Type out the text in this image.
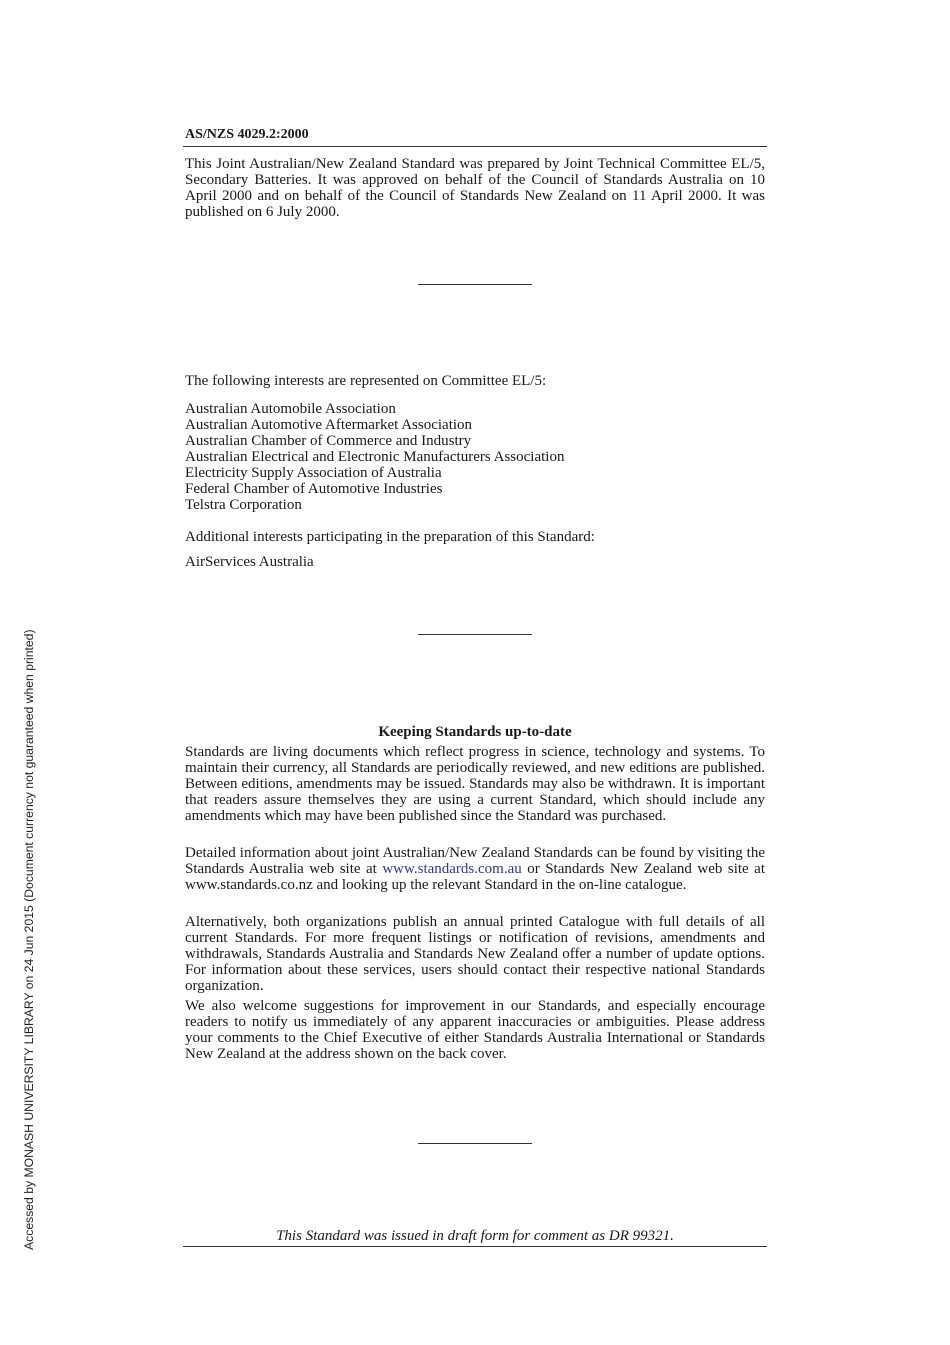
Accessed by MONASH UNIVERSITY LIBRARY on 24 Jun 2015 (Document currency not guaranteed when printed)
AS/NZS 4029.2:2000

This Joint Australian/New Zealand Standard was prepared by Joint Technical Committee EL/5, Secondary Batteries. It was approved on behalf of the Council of Standards Australia on 10 April 2000 and on behalf of the Council of Standards New Zealand on 11 April 2000. It was published on 6 July 2000.

The following interests are represented on Committee EL/5:

Australian Automobile Association
Australian Automotive Aftermarket Association
Australian Chamber of Commerce and Industry
Australian Electrical and Electronic Manufacturers Association
Electricity Supply Association of Australia
Federal Chamber of Automotive Industries
Telstra Corporation

Additional interests participating in the preparation of this Standard:

AirServices Australia

Keeping Standards up-to-date

Standards are living documents which reflect progress in science, technology and systems. To maintain their currency, all Standards are periodically reviewed, and new editions are published. Between editions, amendments may be issued. Standards may also be withdrawn. It is important that readers assure themselves they are using a current Standard, which should include any amendments which may have been published since the Standard was purchased.

Detailed information about joint Australian/New Zealand Standards can be found by visiting the Standards Australia web site at www.standards.com.au or Standards New Zealand web site at www.standards.co.nz and looking up the relevant Standard in the on-line catalogue.

Alternatively, both organizations publish an annual printed Catalogue with full details of all current Standards. For more frequent listings or notification of revisions, amendments and withdrawals, Standards Australia and Standards New Zealand offer a number of update options. For information about these services, users should contact their respective national Standards organization.

We also welcome suggestions for improvement in our Standards, and especially encourage readers to notify us immediately of any apparent inaccuracies or ambiguities. Please address your comments to the Chief Executive of either Standards Australia International or Standards New Zealand at the address shown on the back cover.

This Standard was issued in draft form for comment as DR 99321.
